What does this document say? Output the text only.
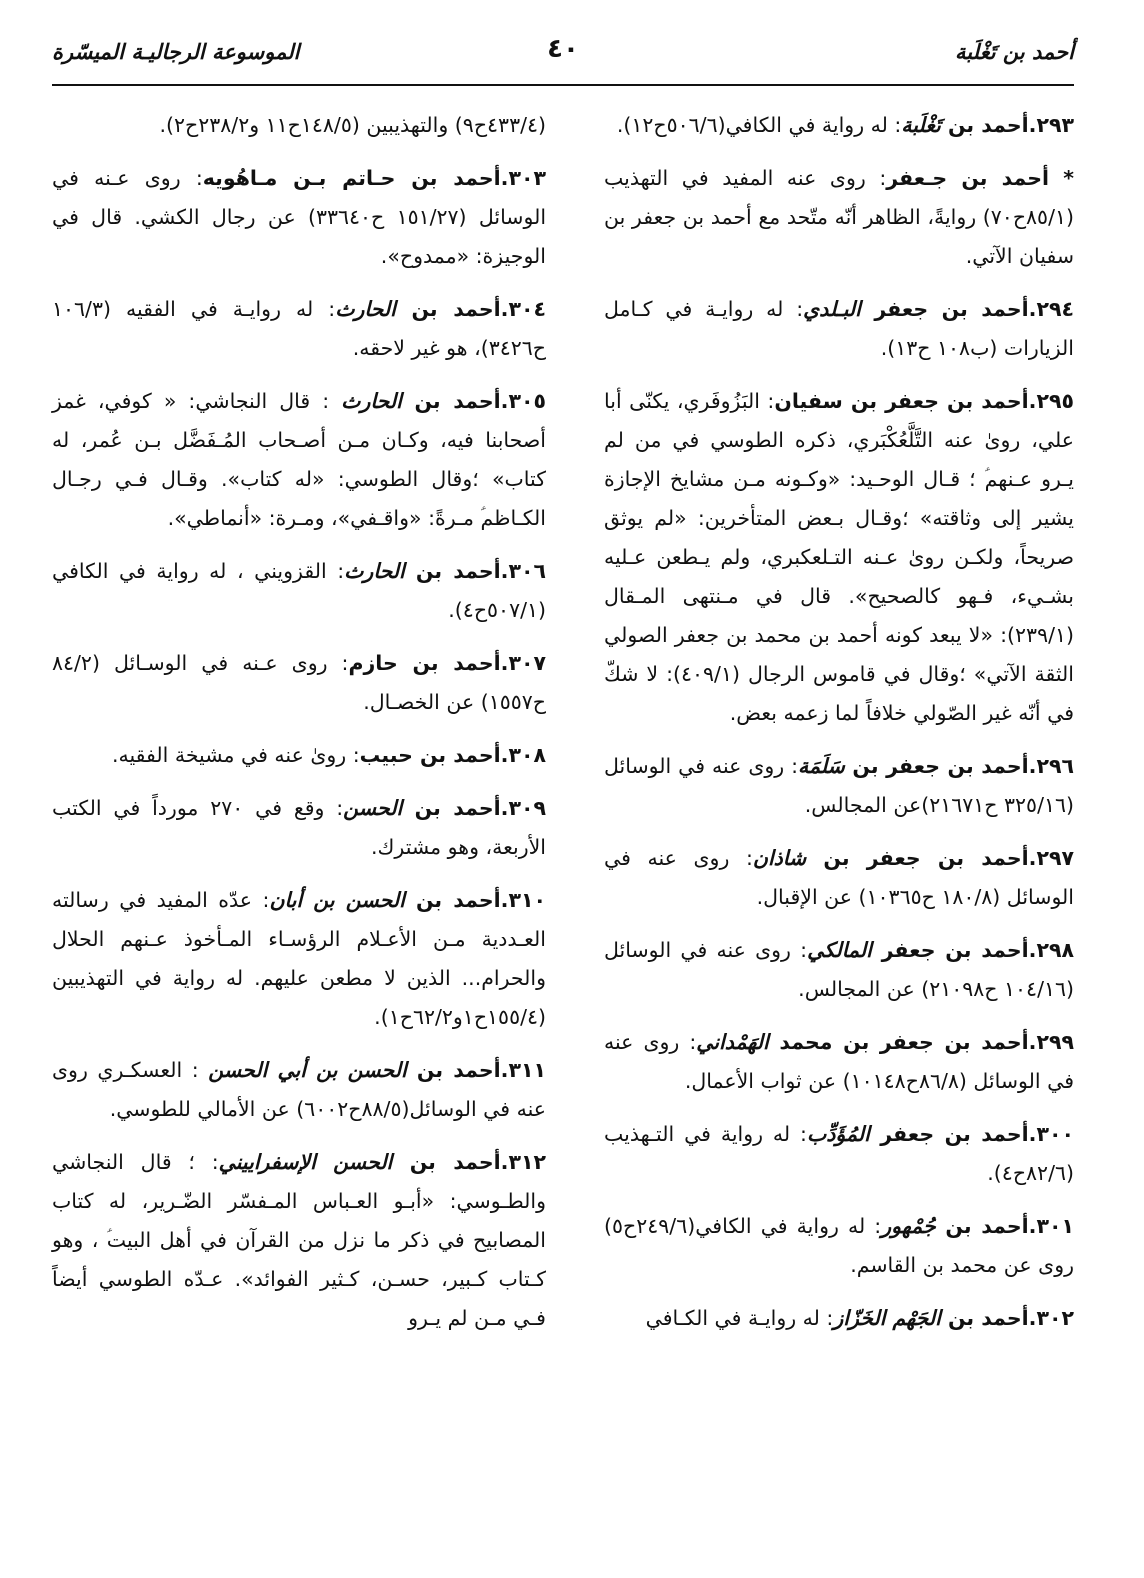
أحمد بن تَغْلَبة
٤٠
الموسوعة الرجاليـة الميسّرة

٢٩٣.أحمد بن تَغْلَبة: له رواية في الكافي(٥٠٦/٦ح١٢).

* أحمد بن جـعفر: روى عنه المفيد في التهذيب (٨٥/١ح٧٠) روايةً، الظاهر أنّه متّحد مع أحمد بن جعفر بن سفيان الآتي.

٢٩٤.أحمد بن جعفر البـلدي: له روايـة في كـامل الزيارات (ب١٠٨ ح١٣).

٢٩٥.أحمد بن جعفر بن سفيان: البَزُوفَري، يكنّى أبا علي، روىٰ عنه التَّلَّعُكْبَري، ذكره الطوسي في من لم يـرو عـنهم‏ؑ ؛ قـال الوحـيد: «وكـونه مـن مشايخ الإجازة يشير إلى وثاقته» ؛وقـال بـعض المتأخرين: «لم يوثق صريحاً، ولكـن روىٰ عـنه التـلعكبري، ولم يـطعن عـليه بشـيء، فـهو كالصحيح». قال في مـنتهى المـقال (٢٣٩/١): «لا يبعد كونه أحمد بن محمد بن جعفر الصولي الثقة الآتي» ؛وقال في قاموس الرجال (٤٠٩/١): لا شكّ في أنّه غير الصّولي خلافاً لما زعمه بعض.

٢٩٦.أحمد بن جعفر بن سَلَمَة: روى عنه في الوسائل (٣٢٥/١٦ ح٢١٦٧١)عن المجالس.

٢٩٧.أحمد بن جعفر بن شاذان: روى عنه في الوسائل (١٨٠/٨ ح١٠٣٦٥) عن الإقبال.

٢٩٨.أحمد بن جعفر المالكي: روى عنه في الوسائل (١٠٤/١٦ ح٢١٠٩٨) عن المجالس.

٢٩٩.أحمد بن جعفر بن محمد الهَمْداني: روى عنه في الوسائل (٨٦/٨ح١٠١٤٨) عن ثواب الأعمال.

٣٠٠.أحمد بن جعفر المُؤَدِّب: له رواية في التـهذيب (٨٢/٦ح٤).

٣٠١.أحمد بن جُمْهور: له رواية في الكافي(٢٤٩/٦ح٥) روى عن محمد بن القاسم.

٣٠٢.أحمد بن الجَهْم الخَزّاز: له روايـة في الكـافي

(٤٣٣/٤ح٩) والتهذيبين (١٤٨/٥ح١١ و٢٣٨/٢ح٢).

٣٠٣.أحمد بن حـاتم بـن مـاهُويه: روى عـنه في الوسائل (١٥١/٢٧ ح٣٣٦٤٠) عن رجال الكشي. قال في الوجيزة: «ممدوح».

٣٠٤.أحمد بن الحارث: له روايـة في الفقيه (١٠٦/٣ ح٣٤٢٦)، هو غير لاحقه.

٣٠٥.أحمد بن الحارث : قال النجاشي: « كوفي، غمز أصحابنا فيه، وكـان مـن أصـحاب المُـفَضَّل بـن عُمر، له كتاب» ؛وقال الطوسي: «له كتاب». وقـال فـي رجـال الكـاظم‏ؑ مـرةً: «واقـفي»، ومـرة: «أنماطي».

٣٠٦.أحمد بن الحارث: القزويني ، له رواية في الكافي (٥٠٧/١ح٤).

٣٠٧.أحمد بن حازم: روى عـنه في الوسـائل (٨٤/٢ ح١٥٥٧) عن الخصـال.

٣٠٨.أحمد بن حبيب: روىٰ عنه في مشيخة الفقيه.

٣٠٩.أحمد بن الحسن: وقع في ٢٧٠ مورداً في الكتب الأربعة، وهو مشترك.

٣١٠.أحمد بن الحسن بن أبان: عدّه المفيد في رسالته العـددية مـن الأعـلام الرؤسـاء المـأخوذ عـنهم الحلال والحرام... الذين لا مطعن عليهم. له رواية في التهذيبين (١٥٥/٤ح١و٦٢/٢ح١).

٣١١.أحمد بن الحسن بن أبي الحسن : العسكـري روى عنه في الوسائل(٨٨/٥ح٦٠٠٢) عن الأمالي للطوسي.

٣١٢.أحمد بن الحسن الإسفراييني: ؛ قال النجاشي والطـوسي: «أبـو العـباس المـفسّر الضّـرير، له كتاب المصابيح في ذكر ما نزل من القرآن في أهل البيت‏ؑ ، وهو كـتاب كـبير، حسـن، كـثير الفوائد». عـدّه الطوسي أيضاً فـي مـن لم يـرو
